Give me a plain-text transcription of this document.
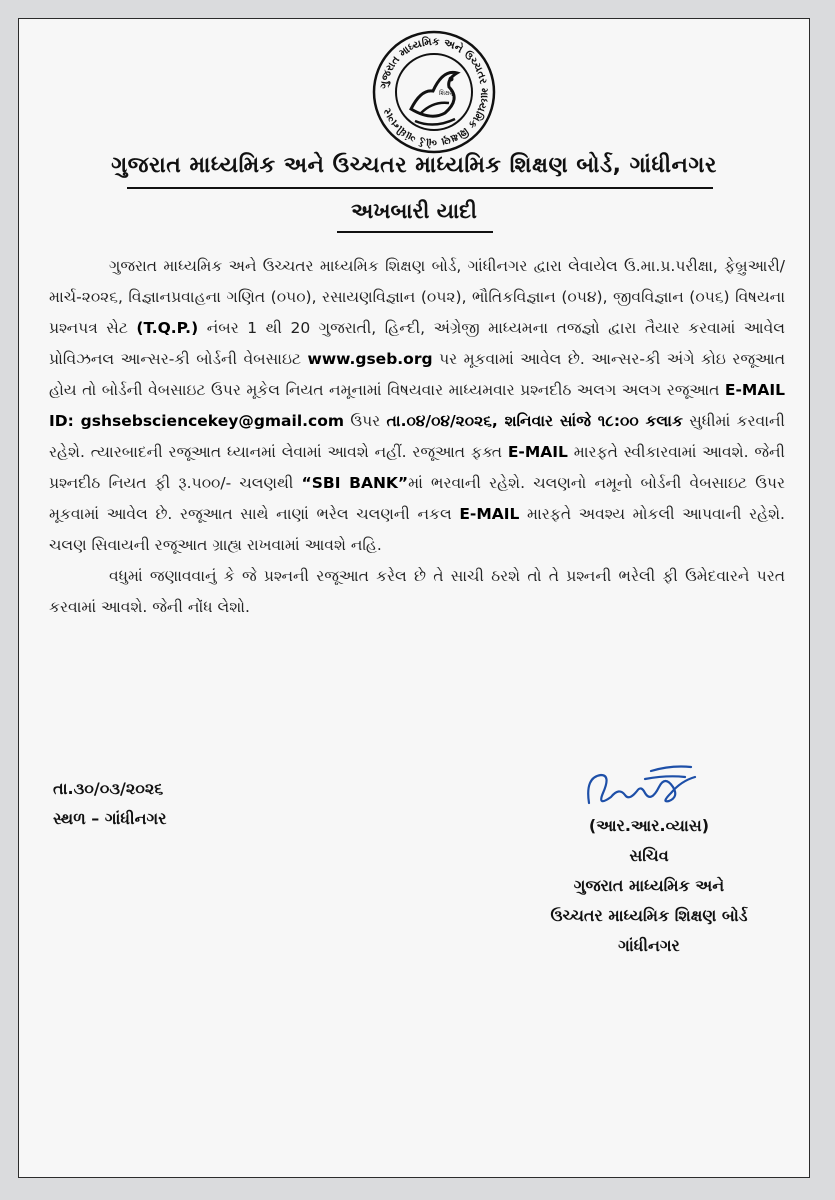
ગુજરાત માધ્યમિક અને ઉચ્ચતર માધ્યમિક શિક્ષણ બોર્ડ ગાંધીનગર
શિક્ષણ
ગુજરાત માધ્યમિક અને ઉચ્ચતર માધ્યમિક શિક્ષણ બોર્ડ, ગાંધીનગર
અખબારી યાદી

ગુજરાત માધ્યમિક અને ઉચ્ચતર માધ્યમિક શિક્ષણ બોર્ડ, ગાંધીનગર દ્વારા લેવાયેલ ઉ.મા.પ્ર.પરીક્ષા, ફેબ્રુઆરી/માર્ચ-૨૦૨૬, વિજ્ઞાનપ્રવાહના ગણિત (૦૫૦), રસાયણવિજ્ઞાન (૦૫૨), ભૌતિકવિજ્ઞાન (૦૫૪), જીવવિજ્ઞાન (૦૫૬) વિષયના પ્રશ્નપત્ર સેટ (T.Q.P.) નંબર 1 થી 20 ગુજરાતી, હિન્દી, અંગ્રેજી માધ્યમના તજજ્ઞો દ્વારા તૈયાર કરવામાં આવેલ પ્રોવિઝનલ આન્સર-કી બોર્ડની વેબસાઇટ www.gseb.org પર મૂકવામાં આવેલ છે. આન્સર-કી અંગે કોઇ રજૂઆત હોય તો બોર્ડની વેબસાઇટ ઉપર મૂકેલ નિયત નમૂનામાં વિષયવાર માધ્યમવાર પ્રશ્નદીઠ અલગ અલગ રજૂઆત E-MAIL ID: gshsebsciencekey@gmail.com ઉપર તા.૦૪/૦૪/૨૦૨૬, શનિવાર સાંજે ૧૮:૦૦ કલાક સુધીમાં કરવાની રહેશે. ત્યારબાદની રજૂઆત ધ્યાનમાં લેવામાં આવશે નહીં. રજૂઆત ફક્ત E-MAIL મારફતે સ્વીકારવામાં આવશે. જેની પ્રશ્નદીઠ નિયત ફી રૂ.૫૦૦/- ચલણથી “SBI BANK”માં ભરવાની રહેશે. ચલણનો નમૂનો બોર્ડની વેબસાઇટ ઉપર મૂકવામાં આવેલ છે. રજૂઆત સાથે નાણાં ભરેલ ચલણની નકલ E-MAIL મારફતે અવશ્ય મોકલી આપવાની રહેશે. ચલણ સિવાયની રજૂઆત ગ્રાહ્ય રાખવામાં આવશે નહિ.

વધુમાં જણાવવાનું કે જે પ્રશ્નની રજૂઆત કરેલ છે તે સાચી ઠરશે તો તે પ્રશ્નની ભરેલી ફી ઉમેદવારને પરત કરવામાં આવશે. જેની નોંધ લેશો.

તા.૩૦/૦૩/૨૦૨૬
સ્થળ – ગાંધીનગર	(આર.આર.વ્યાસ)
સચિવ
ગુજરાત માધ્યમિક અને
ઉચ્ચતર માધ્યમિક શિક્ષણ બોર્ડ
ગાંધીનગર
